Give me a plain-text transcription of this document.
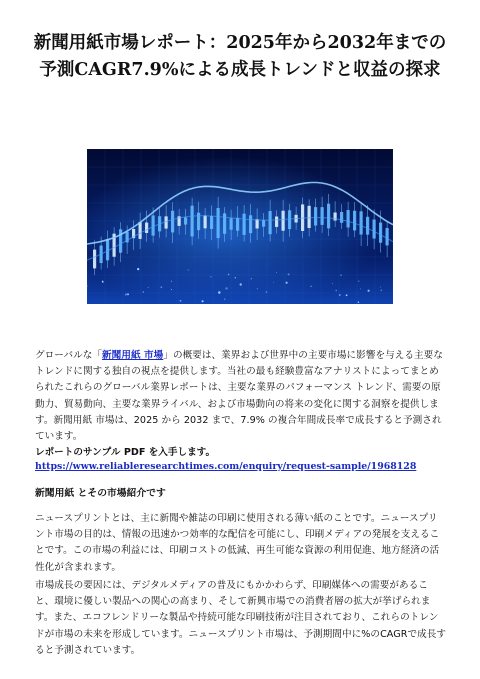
新聞用紙市場レポート：2025年から2032年までの予測CAGR7.9%による成長トレンドと収益の探求

グローバルな「新聞用紙 市場」の概要は、業界および世界中の主要市場に影響を与える主要なトレンドに関する独自の視点を提供します。当社の最も経験豊富なアナリストによってまとめられたこれらのグローバル業界レポートは、主要な業界のパフォーマンス トレンド、需要の原動力、貿易動向、主要な業界ライバル、および市場動向の将来の変化に関する洞察を提供します。新聞用紙 市場は、2025 から 2032 まで、7.9% の複合年間成長率で成長すると予測されています。

レポートのサンプル PDF を入手します。 https://www.reliableresearchtimes.com/enquiry/request-sample/1968128

新聞用紙 とその市場紹介です

ニュースプリントとは、主に新聞や雑誌の印刷に使用される薄い紙のことです。ニュースプリント市場の目的は、情報の迅速かつ効率的な配信を可能にし、印刷メディアの発展を支えることです。この市場の利益には、印刷コストの低減、再生可能な資源の利用促進、地方経済の活性化が含まれます。

市場成長の要因には、デジタルメディアの普及にもかかわらず、印刷媒体への需要があること、環境に優しい製品への関心の高まり、そして新興市場での消費者層の拡大が挙げられます。また、エコフレンドリーな製品や持続可能な印刷技術が注目されており、これらのトレンドが市場の未来を形成しています。ニュースプリント市場は、予測期間中に%のCAGRで成長すると予測されています。
